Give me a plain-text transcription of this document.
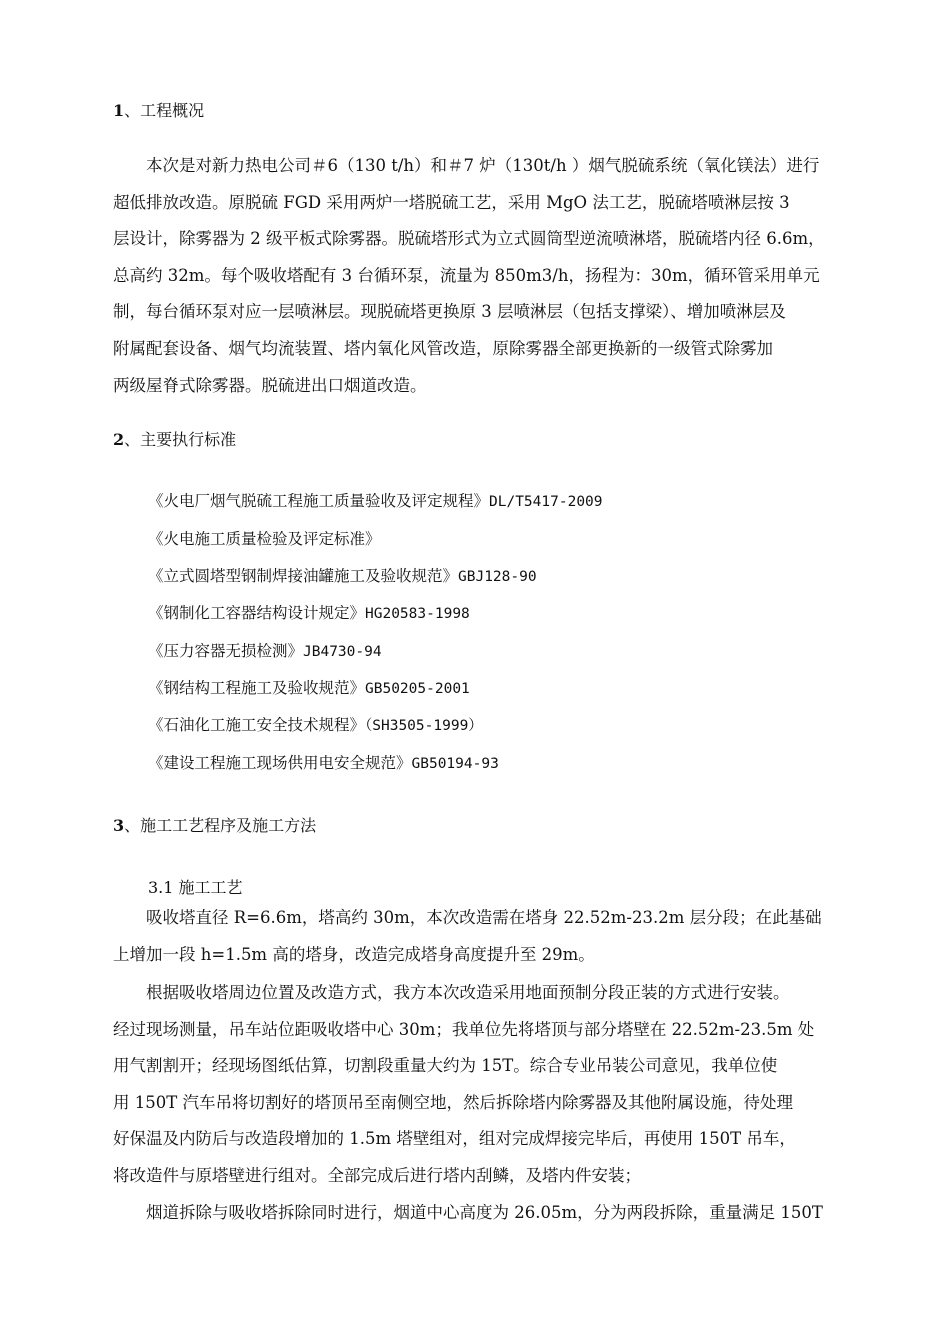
1、工程概况
　　本次是对新力热电公司＃6（130 t/h）和＃7 炉（130t/h ）烟气脱硫系统（氧化镁法）进行
超低排放改造。原脱硫 FGD 采用两炉一塔脱硫工艺，采用 MgO 法工艺，脱硫塔喷淋层按 3
层设计，除雾器为 2 级平板式除雾器。脱硫塔形式为立式圆筒型逆流喷淋塔，脱硫塔内径 6.6m，
总高约 32m。每个吸收塔配有 3 台循环泵，流量为 850m3/h，扬程为：30m，循环管采用单元
制，每台循环泵对应一层喷淋层。现脱硫塔更换原 3 层喷淋层（包括支撑梁）、增加喷淋层及
附属配套设备、烟气均流装置、塔内氧化风管改造，原除雾器全部更换新的一级管式除雾加
两级屋脊式除雾器。脱硫进出口烟道改造。
2、主要执行标准
《火电厂烟气脱硫工程施工质量验收及评定规程》DL/T5417-2009
《火电施工质量检验及评定标准》
《立式圆塔型钢制焊接油罐施工及验收规范》GBJ128-90
《钢制化工容器结构设计规定》HG20583-1998
《压力容器无损检测》JB4730-94
《钢结构工程施工及验收规范》GB50205-2001
《石油化工施工安全技术规程》（SH3505-1999）
《建设工程施工现场供用电安全规范》GB50194-93
3、施工工艺程序及施工方法
3.1 施工工艺
　　吸收塔直径 R=6.6m，塔高约 30m，本次改造需在塔身 22.52m-23.2m 层分段；在此基础
上增加一段 h=1.5m 高的塔身，改造完成塔身高度提升至 29m。
　　根据吸收塔周边位置及改造方式，我方本次改造采用地面预制分段正装的方式进行安装。
经过现场测量，吊车站位距吸收塔中心 30m；我单位先将塔顶与部分塔壁在 22.52m-23.5m 处
用气割割开；经现场图纸估算，切割段重量大约为 15T。综合专业吊装公司意见，我单位使
用 150T 汽车吊将切割好的塔顶吊至南侧空地，然后拆除塔内除雾器及其他附属设施，待处理
好保温及内防后与改造段增加的 1.5m 塔壁组对，组对完成焊接完毕后，再使用 150T 吊车，
将改造件与原塔壁进行组对。全部完成后进行塔内刮鳞，及塔内件安装；
　　烟道拆除与吸收塔拆除同时进行，烟道中心高度为 26.05m，分为两段拆除，重量满足 150T
